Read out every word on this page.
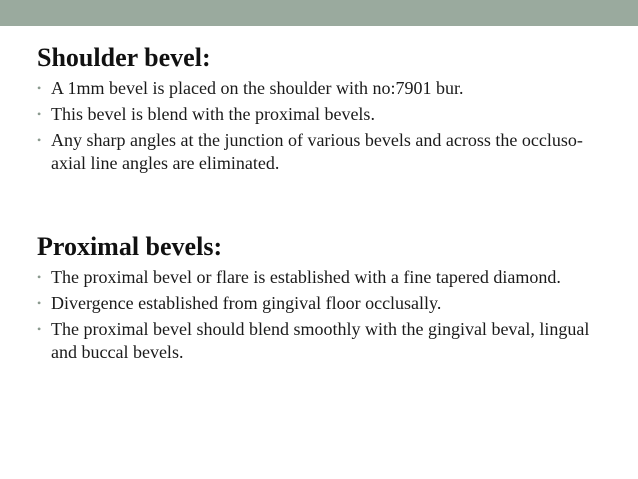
Shoulder bevel:
• A 1mm bevel is placed on the shoulder with no:7901 bur.
• This bevel is blend with the proximal bevels.
• Any sharp angles at the junction of various bevels and across the occluso-axial line angles are eliminated.
Proximal bevels:
• The proximal bevel or flare is established with a fine tapered diamond.
• Divergence established from gingival floor occlusally.
• The proximal bevel should blend smoothly with the gingival beval, lingual and buccal bevels.
